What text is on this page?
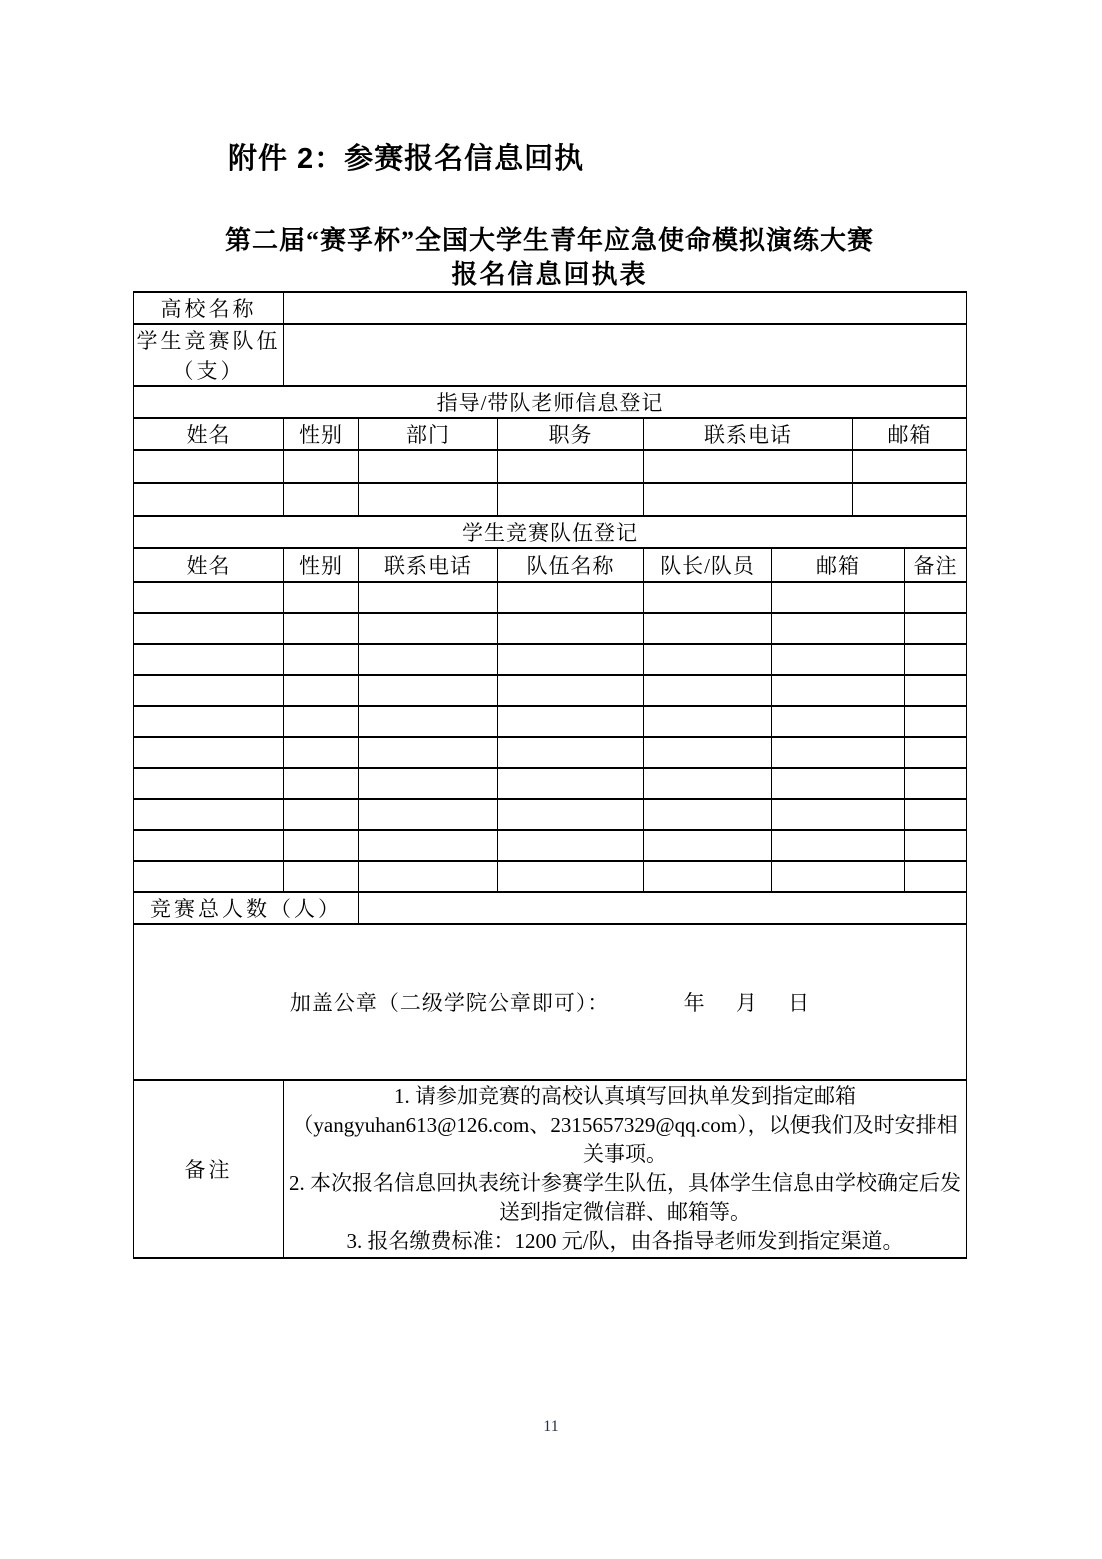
附件 2：参赛报名信息回执
第二届“赛孚杯”全国大学生青年应急使命模拟演练大赛
报名信息回执表
高校名称	

学生竞赛队伍
（支）

指导/带队老师信息登记
姓名	性别	部门	职务	联系电话	邮箱

学生竞赛队伍登记
姓名	性别	联系电话	队伍名称	队长/队员	邮箱	备注

竞赛总人数（人）	
加盖公章（二级学院公章即可）：	年 月 日
备注	1. 请参加竞赛的高校认真填写回执单发到指定邮箱（yangyuhan613@126.com、2315657329@qq.com），以便我们及时安排相关事项。

2. 本次报名信息回执表统计参赛学生队伍，具体学生信息由学校确定后发送到指定微信群、邮箱等。

3. 报名缴费标准：1200 元/队，由各指导老师发到指定渠道。

11
